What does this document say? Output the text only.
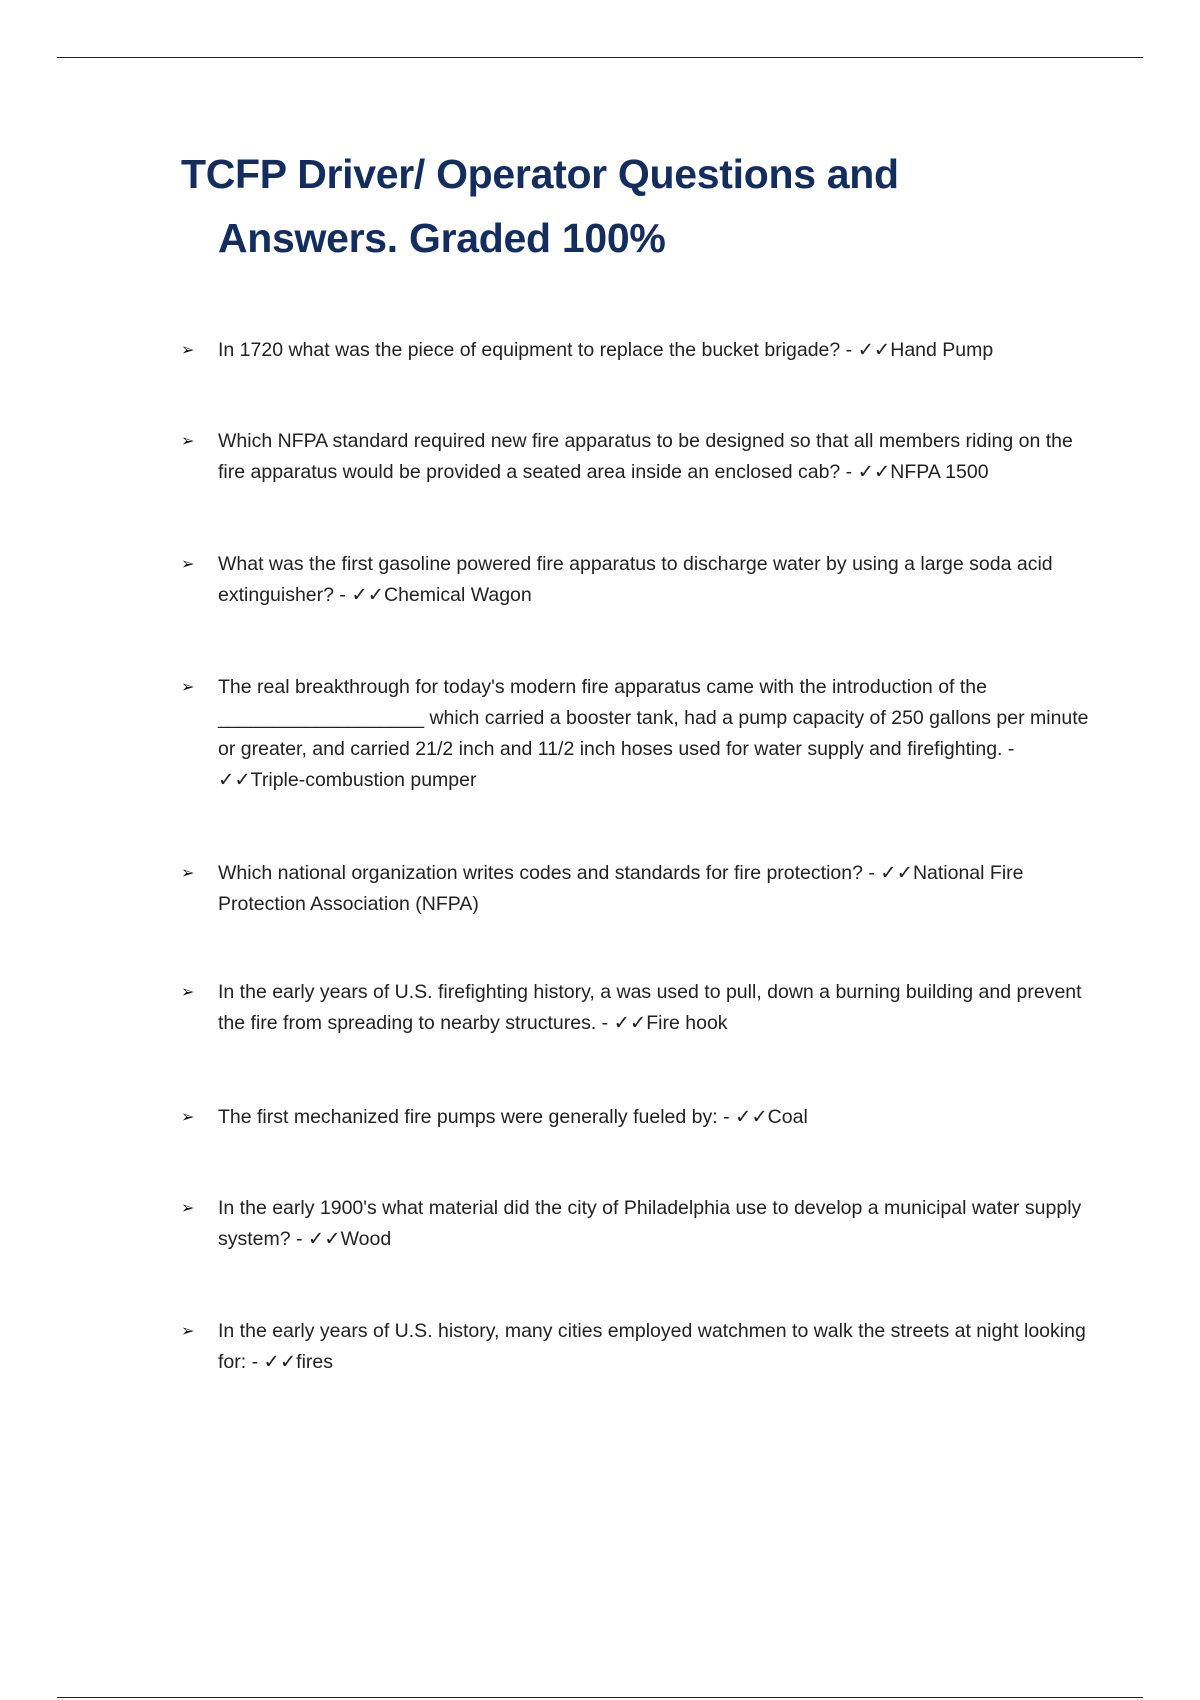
TCFP Driver/ Operator Questions and
Answers. Graded 100%
➢	In 1720 what was the piece of equipment to replace the bucket brigade? - ✓✓Hand Pump
➢	Which NFPA standard required new fire apparatus to be designed so that all members riding on the fire apparatus would be provided a seated area inside an enclosed cab? - ✓✓NFPA 1500
➢	What was the first gasoline powered fire apparatus to discharge water by using a large soda acid extinguisher? - ✓✓Chemical Wagon
➢	The real breakthrough for today's modern fire apparatus came with the introduction of the ___________________ which carried a booster tank, had a pump capacity of 250 gallons per minute or greater, and carried 21/2 inch and 11/2 inch hoses used for water supply and firefighting. - ✓✓Triple-combustion pumper
➢	Which national organization writes codes and standards for fire protection? - ✓✓National Fire Protection Association (NFPA)
➢	In the early years of U.S. firefighting history, a was used to pull, down a burning building and prevent the fire from spreading to nearby structures. - ✓✓Fire hook
➢	The first mechanized fire pumps were generally fueled by: - ✓✓Coal
➢	In the early 1900's what material did the city of Philadelphia use to develop a municipal water supply system? - ✓✓Wood
➢	In the early years of U.S. history, many cities employed watchmen to walk the streets at night looking for: - ✓✓fires
